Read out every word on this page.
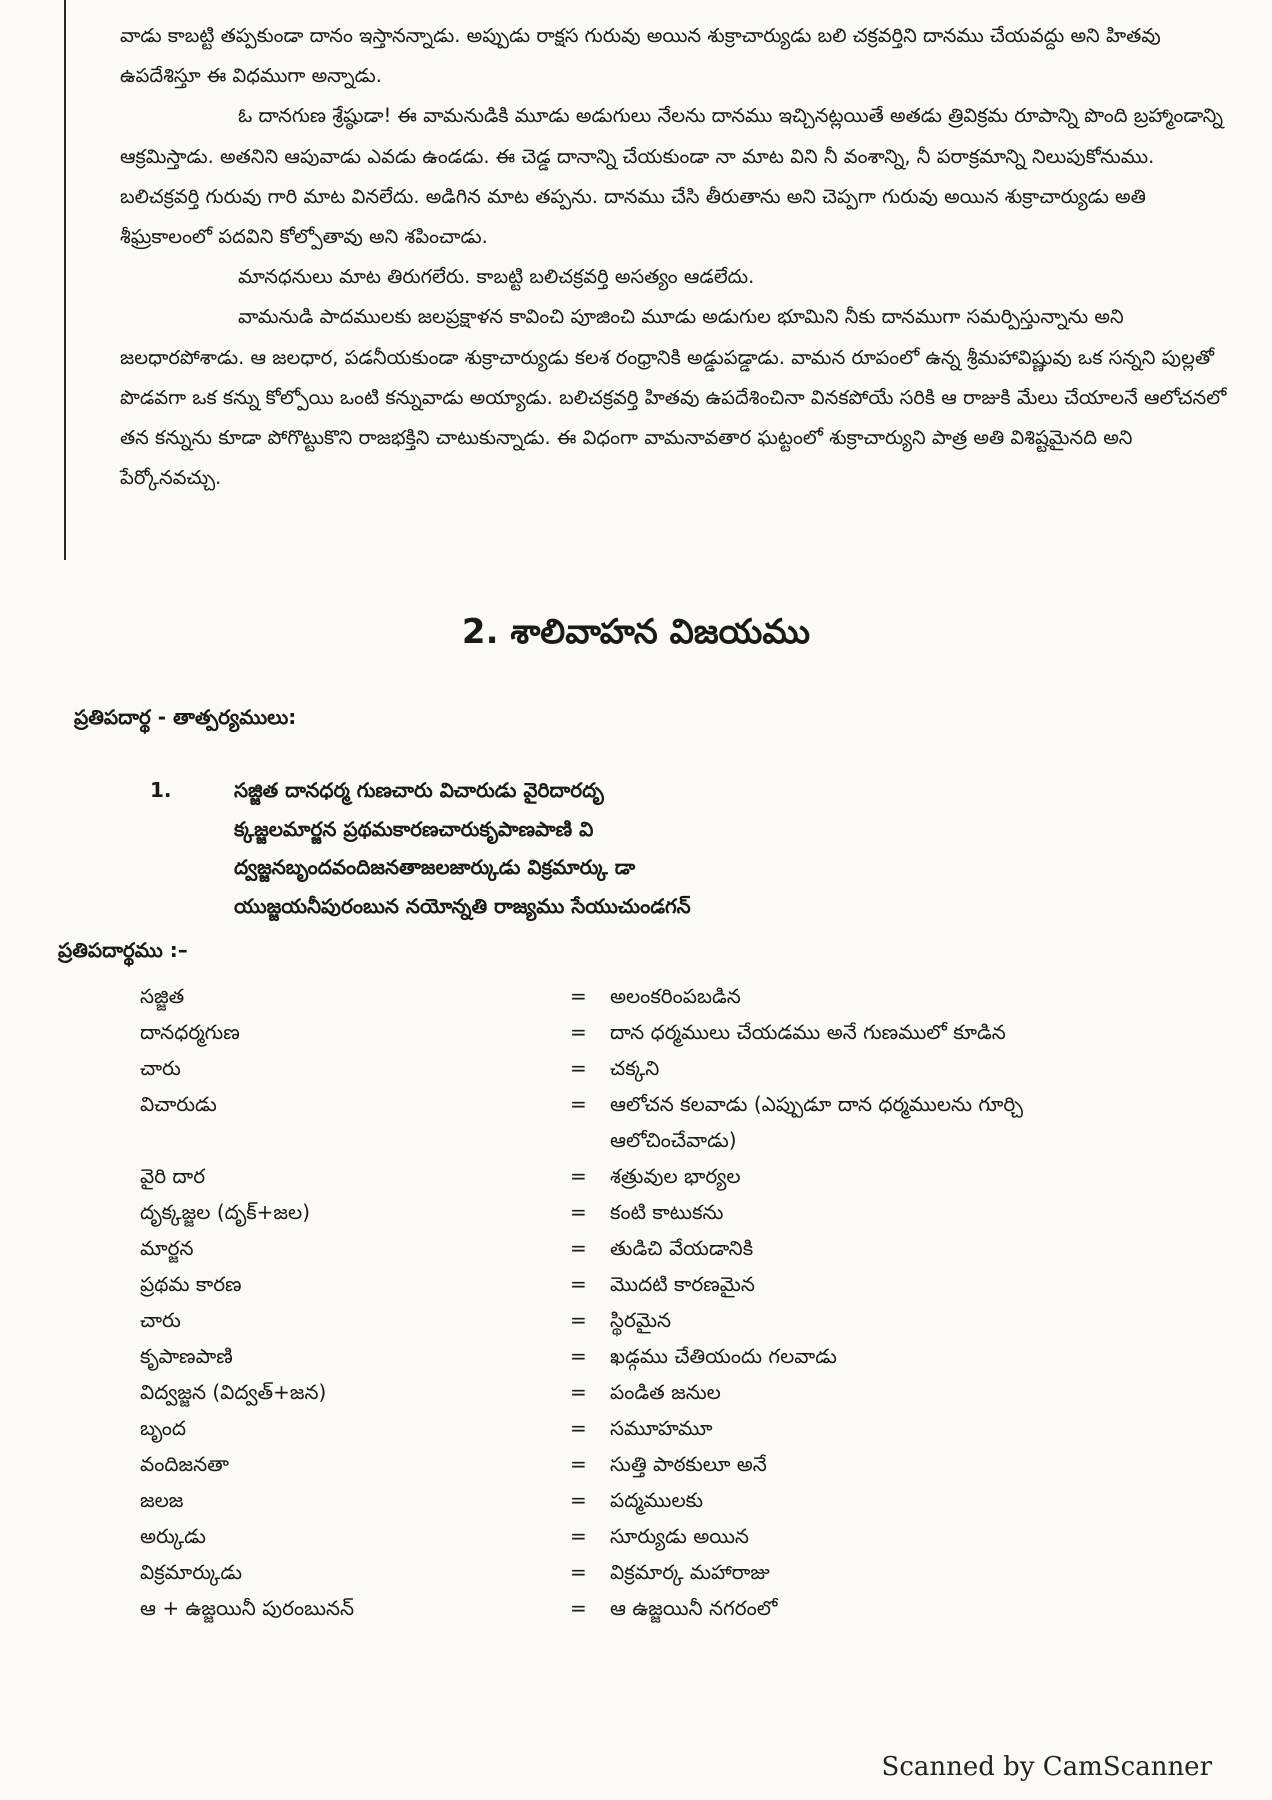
వాడు కాబట్టి తప్పకుండా దానం ఇస్తానన్నాడు. అప్పుడు రాక్షస గురువు అయిన శుక్రాచార్యుడు బలి చక్రవర్తిని దానము చేయవద్దు అని హితవు ఉపదేశిస్తూ ఈ విధముగా అన్నాడు.

ఓ దానగుణ శ్రేష్ఠుడా! ఈ వామనుడికి మూడు అడుగులు నేలను దానము ఇచ్చినట్లయితే అతడు త్రివిక్రమ రూపాన్ని పొంది బ్రహ్మాండాన్ని ఆక్రమిస్తాడు. అతనిని ఆపువాడు ఎవడు ఉండడు. ఈ చెడ్డ దానాన్ని చేయకుండా నా మాట విని నీ వంశాన్ని, నీ పరాక్రమాన్ని నిలుపుకోనుము. బలిచక్రవర్తి గురువు గారి మాట వినలేదు. అడిగిన మాట తప్పను. దానము చేసి తీరుతాను అని చెప్పగా గురువు అయిన శుక్రాచార్యుడు అతి శీఘ్రకాలంలో పదవిని కోల్పోతావు అని శపించాడు.

మానధనులు మాట తిరుగలేరు. కాబట్టి బలిచక్రవర్తి అసత్యం ఆడలేదు.

వామనుడి పాదములకు జలప్రక్షాళన కావించి పూజించి మూడు అడుగుల భూమిని నీకు దానముగా సమర్పిస్తున్నాను అని జలధారపోశాడు. ఆ జలధార, పడనీయకుండా శుక్రాచార్యుడు కలశ రంధ్రానికి అడ్డుపడ్డాడు. వామన రూపంలో ఉన్న శ్రీమహావిష్ణువు ఒక సన్నని పుల్లతో పొడవగా ఒక కన్ను కోల్పోయి ఒంటి కన్నువాడు అయ్యాడు. బలిచక్రవర్తి హితవు ఉపదేశించినా వినకపోయే సరికి ఆ రాజుకి మేలు చేయాలనే ఆలోచనలో తన కన్నును కూడా పోగొట్టుకొని రాజభక్తిని చాటుకున్నాడు. ఈ విధంగా వామనావతార ఘట్టంలో శుక్రాచార్యుని పాత్ర అతి విశిష్టమైనది అని పేర్కోనవచ్చు.

2. శాలివాహన విజయము
ప్రతిపదార్థ - తాత్పర్యములు:
1.	సజ్జిత దానధర్మ గుణచారు విచారుడు వైరిదారదృ
క్కజ్జలమార్జన ప్రథమకారణచారుకృపాణపాణి వి
ద్వజ్జనబృందవందిజనతాజలజార్కుడు విక్రమార్కు డా
యుజ్జయనీపురంబున నయోన్నతి రాజ్యము సేయుచుండగన్
ప్రతిపదార్థము :–
సజ్జిత	=	అలంకరింపబడిన
దానధర్మగుణ	=	దాన ధర్మములు చేయడము అనే గుణములో కూడిన
చారు	=	చక్కని
విచారుడు	=	ఆలోచన కలవాడు (ఎప్పుడూ దాన ధర్మములను గూర్చి ఆలోచించేవాడు)
వైరి దార	=	శత్రువుల భార్యల
దృక్కజ్జల (దృక్+జల)	=	కంటి కాటుకను
మార్జన	=	తుడిచి వేయడానికి
ప్రథమ కారణ	=	మొదటి కారణమైన
చారు	=	స్థిరమైన
కృపాణపాణి	=	ఖడ్గము చేతియందు గలవాడు
విద్వజ్జన (విద్వత్+జన)	=	పండిత జనుల
బృంద	=	సమూహమూ
వందిజనతా	=	సుత్తి పాఠకులూ అనే
జలజ	=	పద్మములకు
అర్కుడు	=	సూర్యుడు అయిన
విక్రమార్కుడు	=	విక్రమార్క మహారాజు
ఆ + ఉజ్జయినీ పురంబునన్	=	ఆ ఉజ్జయినీ నగరంలో
Scanned by CamScanner
